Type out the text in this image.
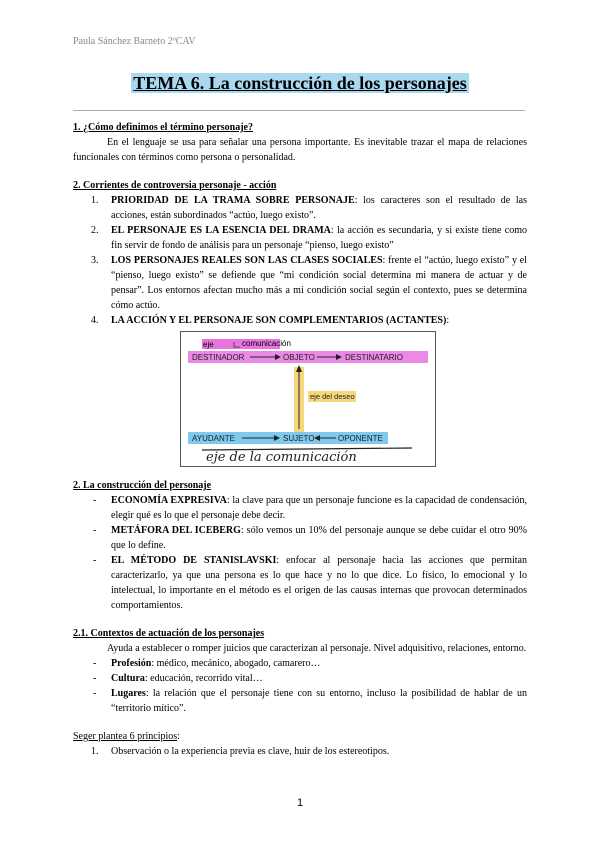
Paula Sánchez Barneto 2ºCAV
TEMA 6. La construcción de los personajes

1. ¿Cómo definimos el término personaje?

En el lenguaje se usa para señalar una persona importante. Es inevitable trazar el mapa de relaciones funcionales con términos como persona o personalidad.

2. Corrientes de controversia personaje - acción

1. PRIORIDAD DE LA TRAMA SOBRE PERSONAJE: los caracteres son el resultado de las acciones, están subordinados “actúo, luego existo”.
2. EL PERSONAJE ES LA ESENCIA DEL DRAMA: la acción es secundaria, y si existe tiene como fin servir de fondo de análisis para un personaje “pienso, luego existo”
3. LOS PERSONAJES REALES SON LAS CLASES SOCIALES: frente el “actúo, luego existo” y el “pienso, luego existo” se defiende que “mi condición social determina mi manera de actuar y de pensar”. Los entornos afectan mucho más a mi condición social según el contexto, pues se determina cómo actúo.
4. LA ACCIÓN Y EL PERSONAJE SON COMPLEMENTARIOS (ACTANTES):
eje	comunicación
DESTINADOR	OBJETO	DESTINATARIO
eje del deseo
AYUDANTE	SUJETO	OPONENTE
eje de la comunicación

2. La construcción del personaje

- ECONOMÍA EXPRESIVA: la clave para que un personaje funcione es la capacidad de condensación, elegir qué es lo que el personaje debe decir.
- METÁFORA DEL ICEBERG: sólo vemos un 10% del personaje aunque se debe cuidar el otro 90% que lo define.
- EL MÉTODO DE STANISLAVSKI: enfocar al personaje hacia las acciones que permitan caracterizarlo, ya que una persona es lo que hace y no lo que dice. Lo físico, lo emocional y lo intelectual, lo importante en el método es el origen de las causas internas que provocan determinados comportamientos.

2.1. Contextos de actuación de los personajes

Ayuda a establecer o romper juicios que caracterizan al personaje. Nivel adquisitivo, relaciones, entorno.

- Profesión: médico, mecánico, abogado, camarero…
- Cultura: educación, recorrido vital…
- Lugares: la relación que el personaje tiene con su entorno, incluso la posibilidad de hablar de un “territorio mítico”.

Seger plantea 6 principios:

1. Observación o la experiencia previa es clave, huir de los estereotipos.
1
